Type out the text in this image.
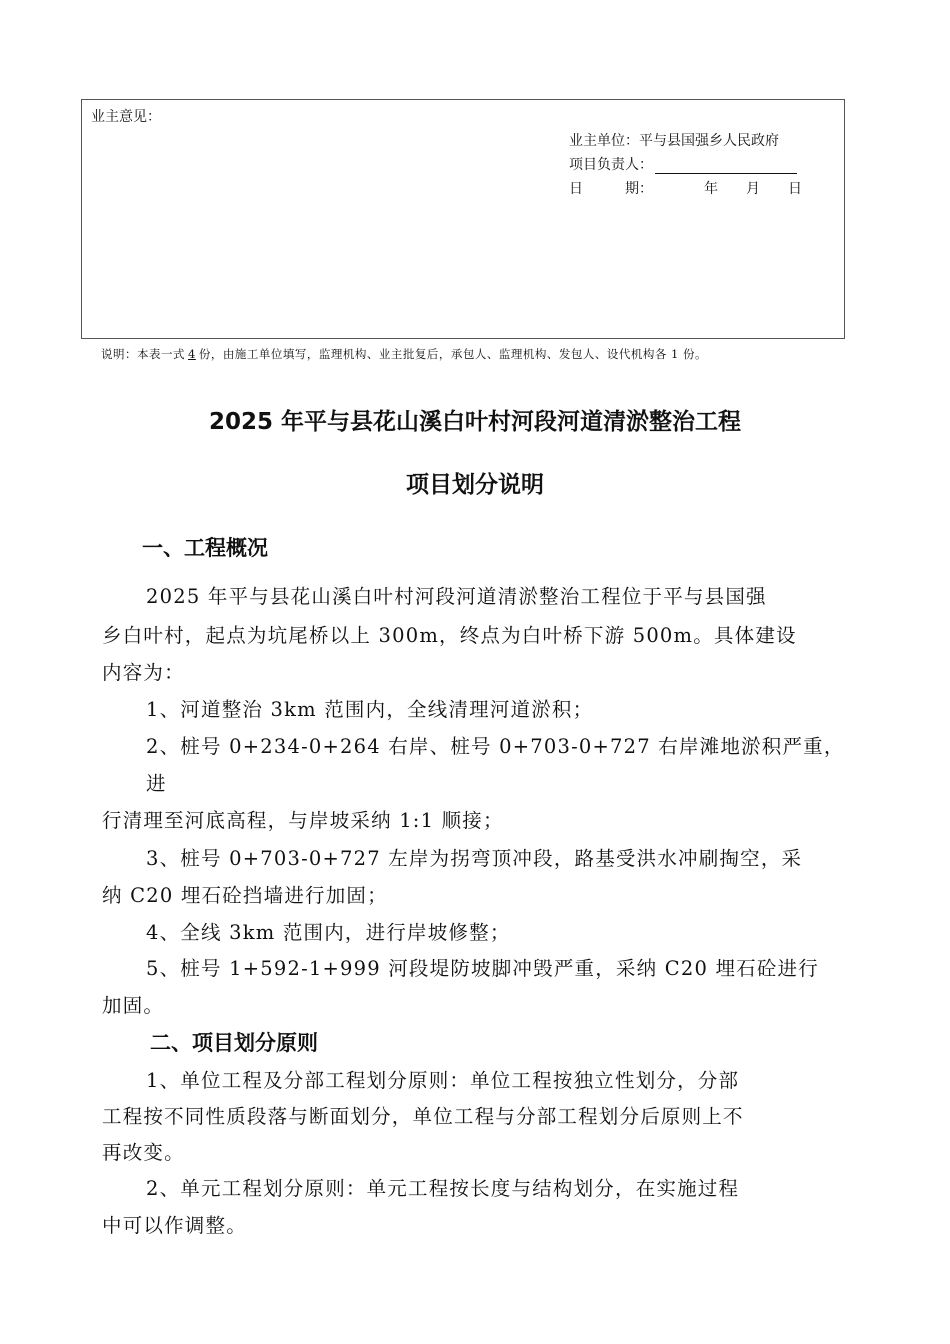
业主意见：
业主单位：平与县国强乡人民政府
项目负责人：
日　　　期：	年　　月　　日
说明：本表一式 4 份，由施工单位填写，监理机构、业主批复后，承包人、监理机构、发包人、设代机构各 1 份。
2025 年平与县花山溪白叶村河段河道清淤整治工程
项目划分说明
一、工程概况
2025 年平与县花山溪白叶村河段河道清淤整治工程位于平与县国强
乡白叶村，起点为坑尾桥以上 300m，终点为白叶桥下游 500m。具体建设
内容为：
1、河道整治 3km 范围内，全线清理河道淤积；
2、桩号 0+234-0+264 右岸、桩号 0+703-0+727 右岸滩地淤积严重，
进
行清理至河底高程，与岸坡采纳 1:1 顺接；
3、桩号 0+703-0+727 左岸为拐弯顶冲段，路基受洪水冲刷掏空，采
纳 C20 埋石砼挡墙进行加固；
4、全线 3km 范围内，进行岸坡修整；
5、桩号 1+592-1+999 河段堤防坡脚冲毁严重，采纳 C20 埋石砼进行
加固。
二、项目划分原则
1、单位工程及分部工程划分原则：单位工程按独立性划分，分部
工程按不同性质段落与断面划分，单位工程与分部工程划分后原则上不
再改变。
2、单元工程划分原则：单元工程按长度与结构划分，在实施过程
中可以作调整。
